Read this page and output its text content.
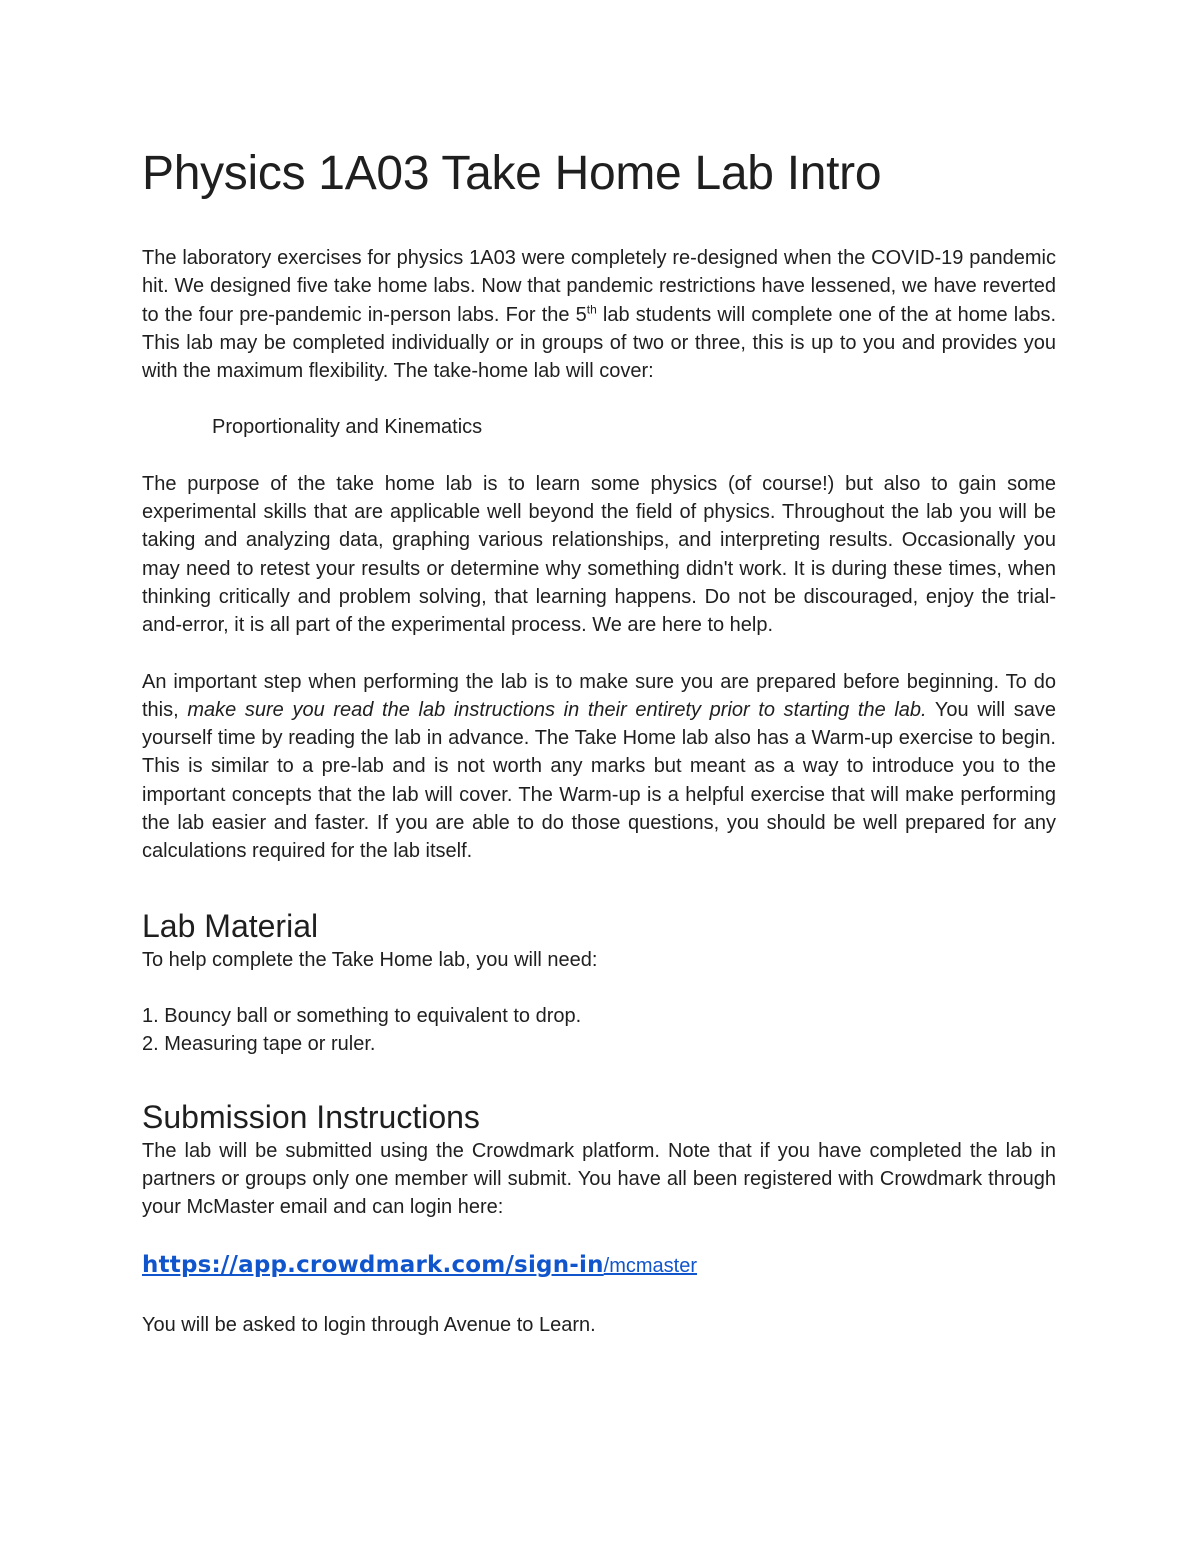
Physics 1A03 Take Home Lab Intro

The laboratory exercises for physics 1A03 were completely re-designed when the COVID-19 pandemic hit. We designed five take home labs. Now that pandemic restrictions have lessened, we have reverted to the four pre-pandemic in-person labs. For the 5th lab students will complete one of the at home labs. This lab may be completed individually or in groups of two or three, this is up to you and provides you with the maximum flexibility. The take-home lab will cover:

Proportionality and Kinematics

The purpose of the take home lab is to learn some physics (of course!) but also to gain some experimental skills that are applicable well beyond the field of physics. Throughout the lab you will be taking and analyzing data, graphing various relationships, and interpreting results. Occasionally you may need to retest your results or determine why something didn't work. It is during these times, when thinking critically and problem solving, that learning happens. Do not be discouraged, enjoy the trial-and-error, it is all part of the experimental process. We are here to help.

An important step when performing the lab is to make sure you are prepared before beginning. To do this, make sure you read the lab instructions in their entirety prior to starting the lab. You will save yourself time by reading the lab in advance. The Take Home lab also has a Warm-up exercise to begin. This is similar to a pre-lab and is not worth any marks but meant as a way to introduce you to the important concepts that the lab will cover. The Warm-up is a helpful exercise that will make performing the lab easier and faster. If you are able to do those questions, you should be well prepared for any calculations required for the lab itself.

Lab Material

To help complete the Take Home lab, you will need:

1. Bouncy ball or something to equivalent to drop.

2. Measuring tape or ruler.

Submission Instructions

The lab will be submitted using the Crowdmark platform. Note that if you have completed the lab in partners or groups only one member will submit. You have all been registered with Crowdmark through your McMaster email and can login here:

https://app.crowdmark.com/sign-in/mcmaster

You will be asked to login through Avenue to Learn.
